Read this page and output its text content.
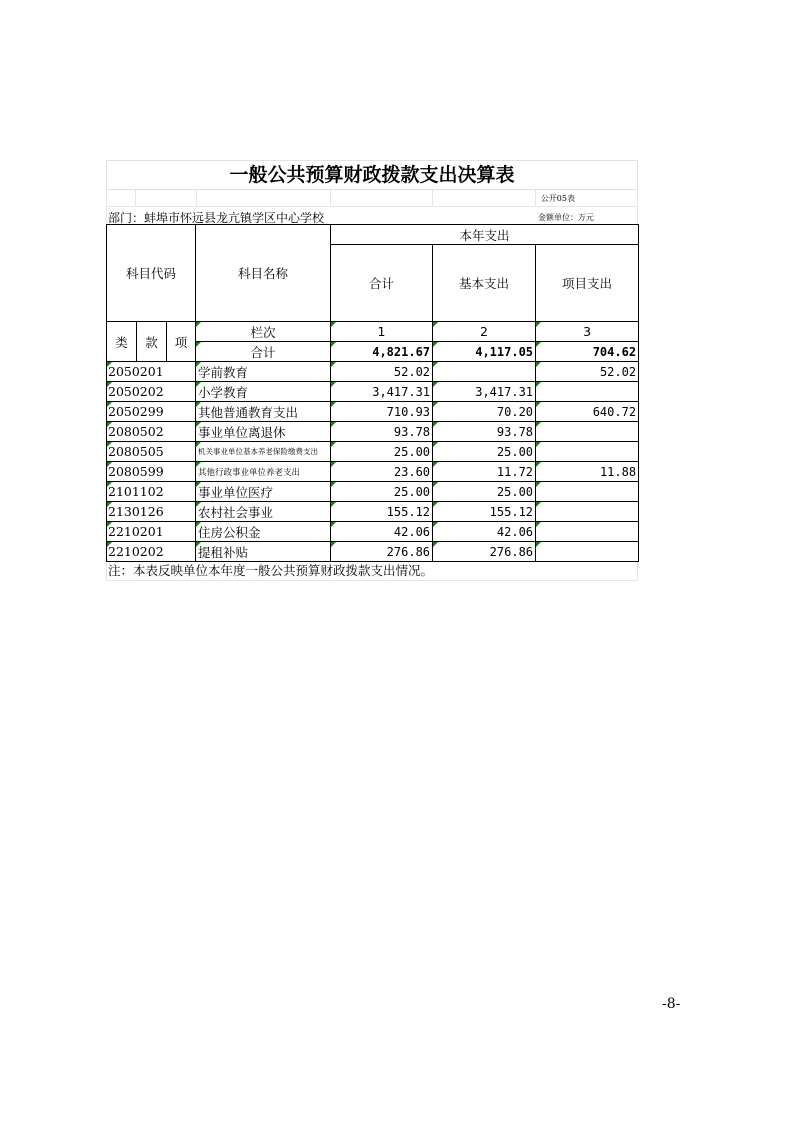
一般公共预算财政拨款支出决算表
公开05表
部门：蚌埠市怀远县龙亢镇学区中心学校	金额单位：万元
科目代码			科目名称	本年支出		
				合计	基本支出	项目支出
类	款	项	栏次	1	2	3
			合计	4,821.67	4,117.05	704.62
2050201			学前教育	52.02		52.02
2050202			小学教育	3,417.31	3,417.31	
2050299			其他普通教育支出	710.93	70.20	640.72
2080502			事业单位离退休	93.78	93.78	
2080505			机关事业单位基本养老保险缴费支出	25.00	25.00	
2080599			其他行政事业单位养老支出	23.60	11.72	11.88
2101102			事业单位医疗	25.00	25.00	
2130126			农村社会事业	155.12	155.12	
2210201			住房公积金	42.06	42.06	
2210202			提租补贴	276.86	276.86	
注：本表反映单位本年度一般公共预算财政拨款支出情况。
-8-
